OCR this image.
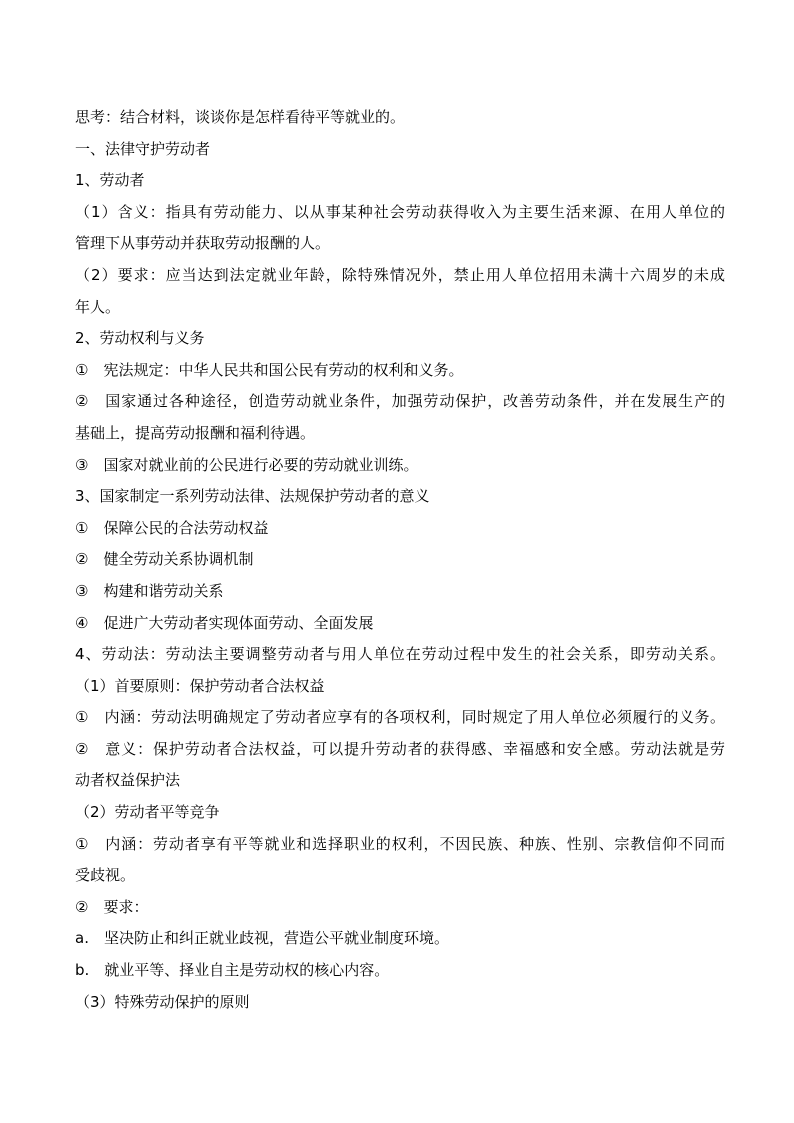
思考：结合材料，谈谈你是怎样看待平等就业的。
一、法律守护劳动者
1、劳动者
（1）含义：指具有劳动能力、以从事某种社会劳动获得收入为主要生活来源、在用人单位的
管理下从事劳动并获取劳动报酬的人。
（2）要求：应当达到法定就业年龄，除特殊情况外，禁止用人单位招用未满十六周岁的未成
年人。
2、劳动权利与义务
①　宪法规定：中华人民共和国公民有劳动的权利和义务。
②　国家通过各种途径，创造劳动就业条件，加强劳动保护，改善劳动条件，并在发展生产的
基础上，提高劳动报酬和福利待遇。
③　国家对就业前的公民进行必要的劳动就业训练。
3、国家制定一系列劳动法律、法规保护劳动者的意义
①　保障公民的合法劳动权益
②　健全劳动关系协调机制
③　构建和谐劳动关系
④　促进广大劳动者实现体面劳动、全面发展
4、劳动法：劳动法主要调整劳动者与用人单位在劳动过程中发生的社会关系，即劳动关系。
（1）首要原则：保护劳动者合法权益
①　内涵：劳动法明确规定了劳动者应享有的各项权利，同时规定了用人单位必须履行的义务。
②　意义：保护劳动者合法权益，可以提升劳动者的获得感、幸福感和安全感。劳动法就是劳
动者权益保护法
（2）劳动者平等竞争
①　内涵：劳动者享有平等就业和选择职业的权利，不因民族、种族、性别、宗教信仰不同而
受歧视。
②　要求：
a.　坚决防止和纠正就业歧视，营造公平就业制度环境。
b.　就业平等、择业自主是劳动权的核心内容。
（3）特殊劳动保护的原则
